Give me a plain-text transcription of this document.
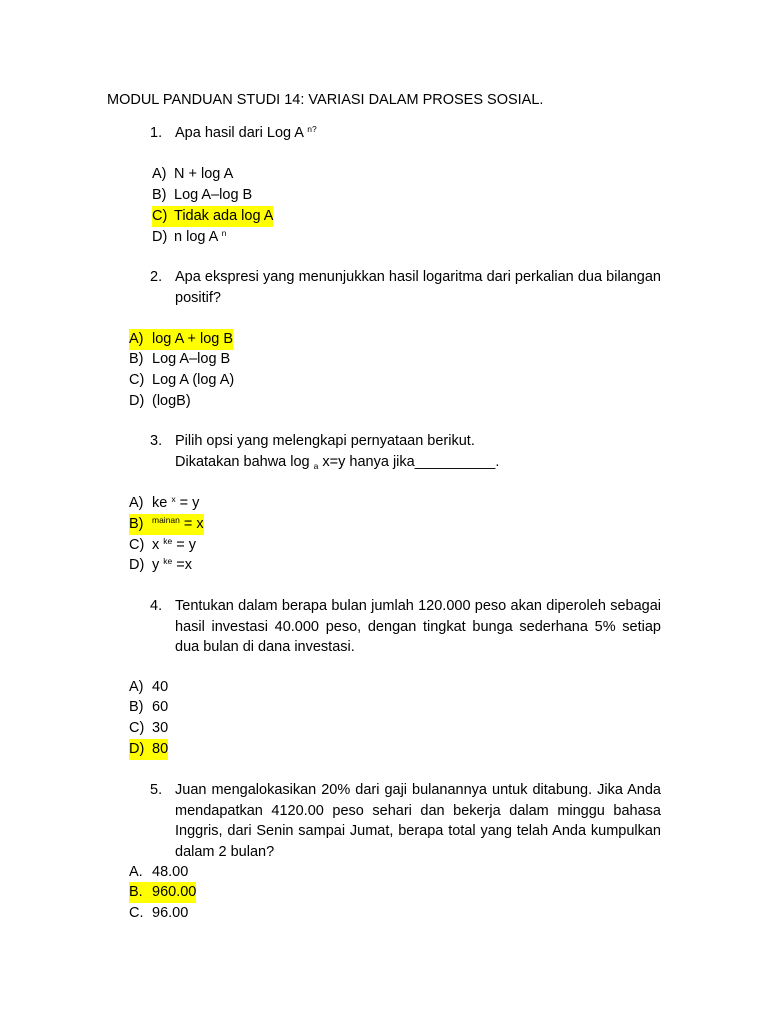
MODUL PANDUAN STUDI 14: VARIASI DALAM PROSES SOSIAL.
1. Apa hasil dari Log A $^{n?}$
A) N + log A
B) Log A–log B
C) Tidak ada log A
D) n log A $^n$
2. Apa ekspresi yang menunjukkan hasil logaritma dari perkalian dua bilangan positif?
A) log A + log B
B) Log A–log B
C) Log A (log A)
D) (logB)
3. Pilih opsi yang melengkapi pernyataan berikut.
Dikatakan bahwa log $_a$ x=y hanya jika__________.
A) ke $^x$ = y
B) $^{mainan}$ = x
C) x $^{ke}$ = y
D) y $^{ke}$ =x
4. Tentukan dalam berapa bulan jumlah 120.000 peso akan diperoleh sebagai hasil investasi 40.000 peso, dengan tingkat bunga sederhana 5% setiap dua bulan di dana investasi.
A) 40
B) 60
C) 30
D) 80
5. Juan mengalokasikan 20% dari gaji bulanannya untuk ditabung. Jika Anda mendapatkan 4120.00 peso sehari dan bekerja dalam minggu bahasa Inggris, dari Senin sampai Jumat, berapa total yang telah Anda kumpulkan dalam 2 bulan?
A. 48.00
B. 960.00
C. 96.00
